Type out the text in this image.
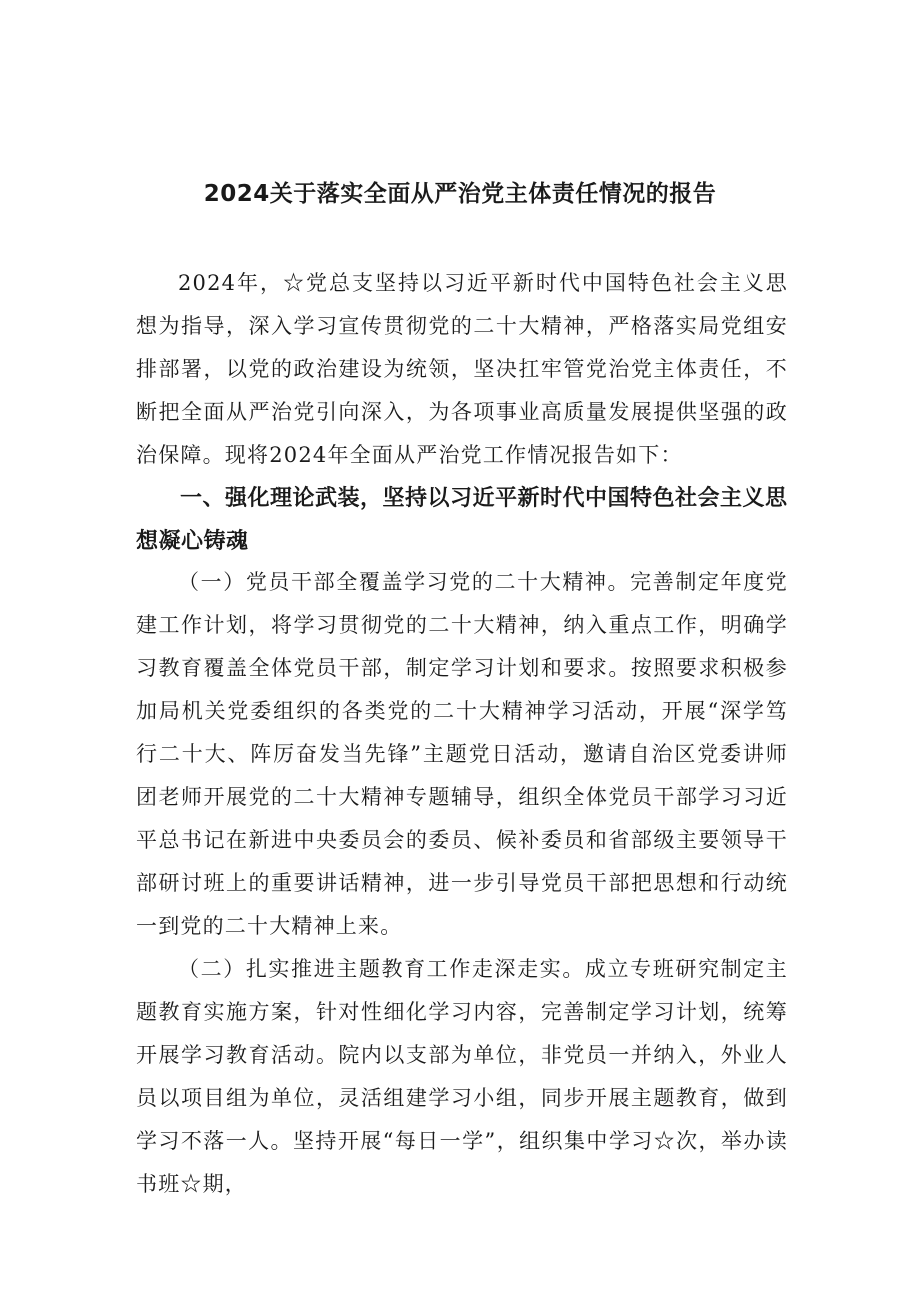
2024关于落实全面从严治党主体责任情况的报告

2024年，☆党总支坚持以习近平新时代中国特色社会主义思想为指导，深入学习宣传贯彻党的二十大精神，严格落实局党组安排部署，以党的政治建设为统领，坚决扛牢管党治党主体责任，不断把全面从严治党引向深入，为各项事业高质量发展提供坚强的政治保障。现将2024年全面从严治党工作情况报告如下：

一、强化理论武装，坚持以习近平新时代中国特色社会主义思想凝心铸魂

（一）党员干部全覆盖学习党的二十大精神。完善制定年度党建工作计划，将学习贯彻党的二十大精神，纳入重点工作，明确学习教育覆盖全体党员干部，制定学习计划和要求。按照要求积极参加局机关党委组织的各类党的二十大精神学习活动，开展“深学笃行二十大、阵厉奋发当先锋”主题党日活动，邀请自治区党委讲师团老师开展党的二十大精神专题辅导，组织全体党员干部学习习近平总书记在新进中央委员会的委员、候补委员和省部级主要领导干部研讨班上的重要讲话精神，进一步引导党员干部把思想和行动统一到党的二十大精神上来。

（二）扎实推进主题教育工作走深走实。成立专班研究制定主题教育实施方案，针对性细化学习内容，完善制定学习计划，统筹开展学习教育活动。院内以支部为单位，非党员一并纳入，外业人员以项目组为单位，灵活组建学习小组，同步开展主题教育，做到学习不落一人。坚持开展“每日一学”，组织集中学习☆次，举办读书班☆期，
